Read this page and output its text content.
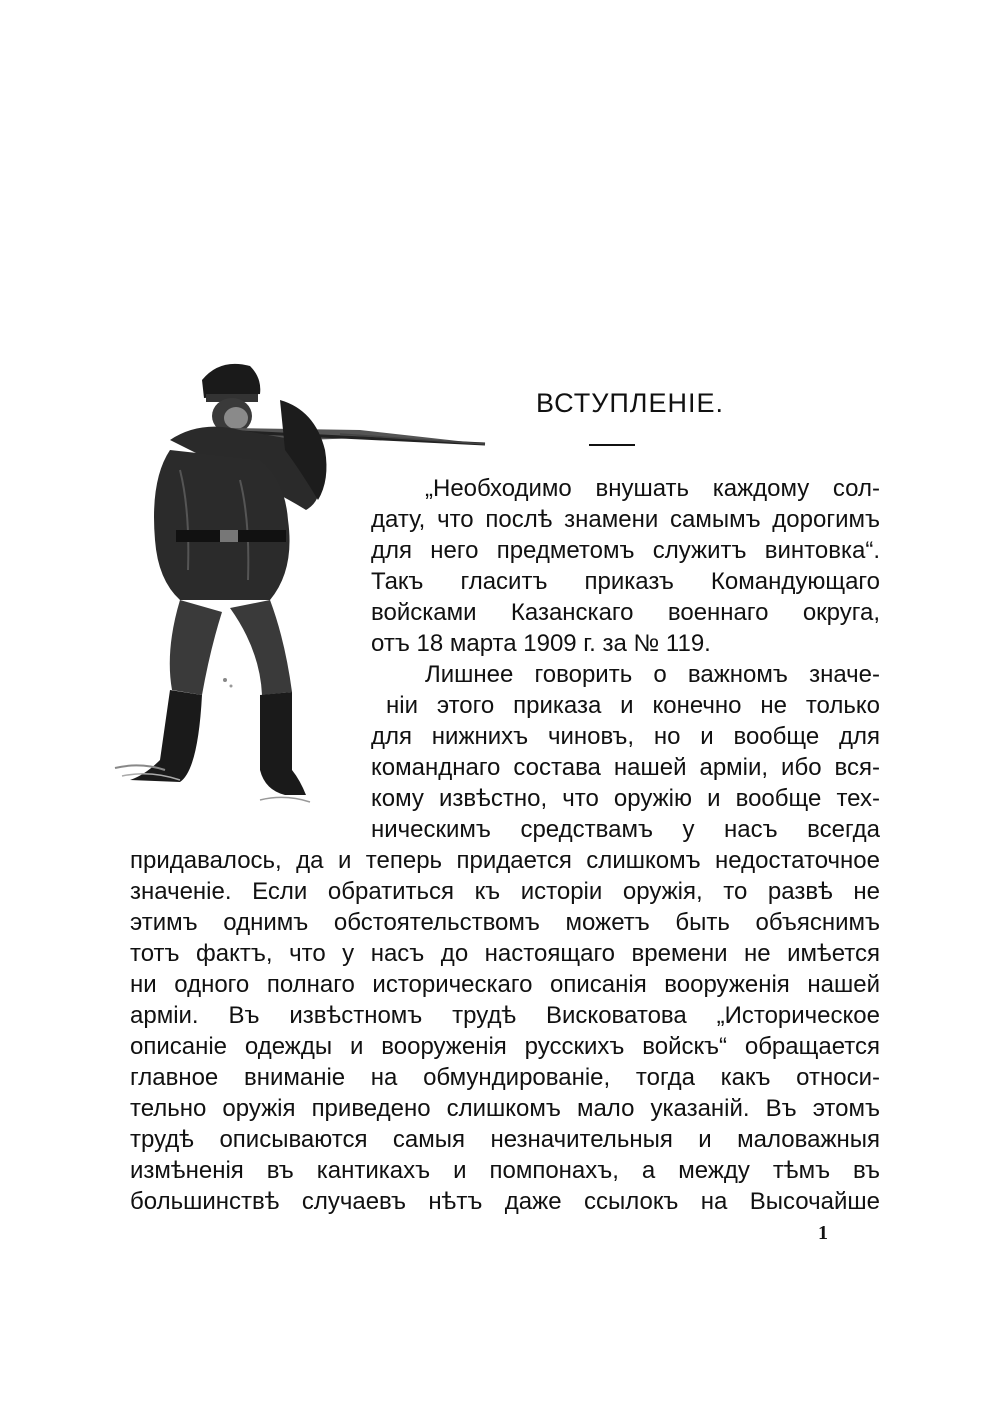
ВСТУПЛЕНІЕ.
„Необходимо внушать каждому сол-
дату, что послѣ знамени самымъ дорогимъ
для него предметомъ служитъ винтовка“.
Такъ гласитъ приказъ Командующаго
войсками Казанскаго военнаго округа,
отъ 18 марта 1909 г. за № 119.
Лишнее говорить о важномъ значе-
ніи этого приказа и конечно не только
для нижнихъ чиновъ, но и вообще для
команднаго состава нашей арміи, ибо вся-
кому извѣстно, что оружію и вообще тех-
ническимъ средствамъ у насъ всегда
придавалось, да и теперь придается слишкомъ недостаточное
значеніе. Если обратиться къ исторіи оружія, то развѣ не
этимъ однимъ обстоятельствомъ можетъ быть объяснимъ
тотъ фактъ, что у насъ до настоящаго времени не имѣется
ни одного полнаго историческаго описанія вооруженія нашей
арміи. Въ извѣстномъ трудѣ Висковатова „Историческое
описаніе одежды и вооруженія русскихъ войскъ“ обращается
главное вниманіе на обмундированіе, тогда какъ относи-
тельно оружія приведено слишкомъ мало указаній. Въ этомъ
трудѣ описываются самыя незначительныя и маловажныя
измѣненія въ кантикахъ и помпонахъ, а между тѣмъ въ
большинствѣ случаевъ нѣтъ даже ссылокъ на Высочайше
1
